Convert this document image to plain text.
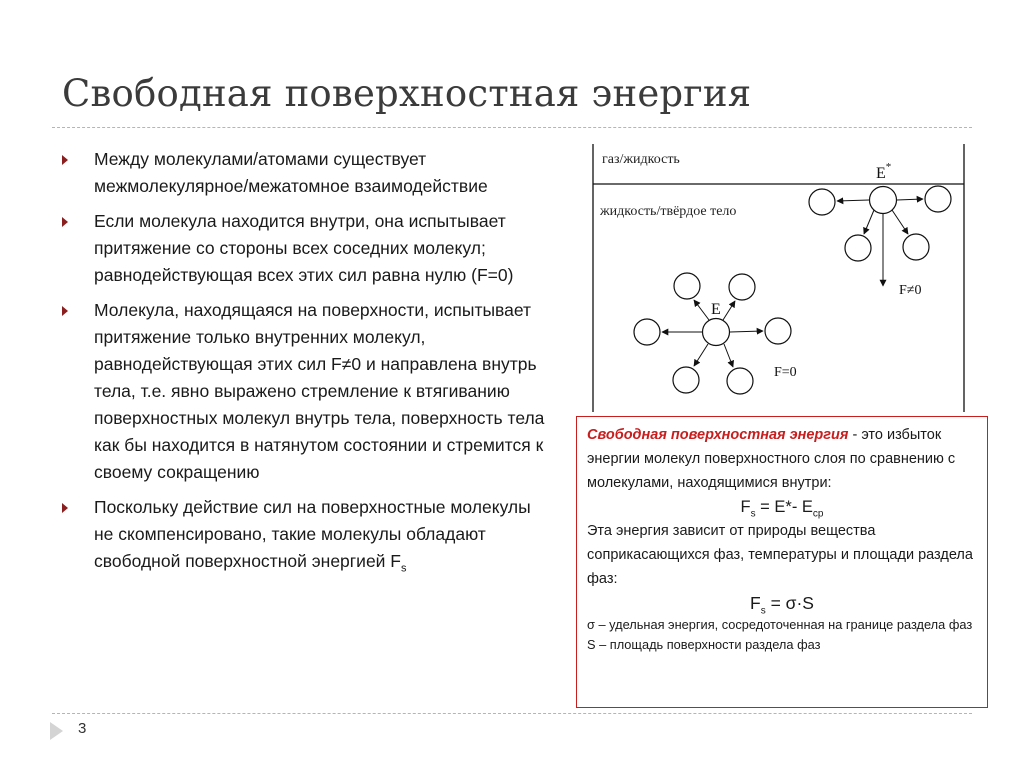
Свободная поверхностная энергия
Между молекулами/атомами существует межмолекулярное/межатомное взаимодействие
Если молекула находится внутри, она испытывает притяжение со стороны всех соседних молекул; равнодействующая всех этих сил равна нулю (F=0)
Молекула, находящаяся на поверхности, испытывает притяжение только внутренних молекул, равнодействующая этих сил F≠0 и направлена внутрь тела, т.е. явно выражено стремление к втягиванию поверхностных молекул внутрь тела, поверхность тела как бы находится в натянутом состоянии и стремится к своему сокращению
Поскольку действие сил на поверхностные молекулы не скомпенсировано, такие молекулы обладают свободной поверхностной энергией $F_s$
газ/жидкость
жидкость/твёрдое тело
E*
F≠0
E
F=0
Свободная поверхностная энергия - это избыток энергии молекул поверхностного слоя по сравнению с молекулами, находящимися внутри:
$F_s = E*-$ $E_{cp}$
Эта энергия зависит от природы вещества соприкасающихся фаз, температуры и площади раздела фаз:
$F_s = \sigma\cdot S$
σ – удельная энергия, сосредоточенная на границе раздела фаз
S – площадь поверхности раздела фаз
3
